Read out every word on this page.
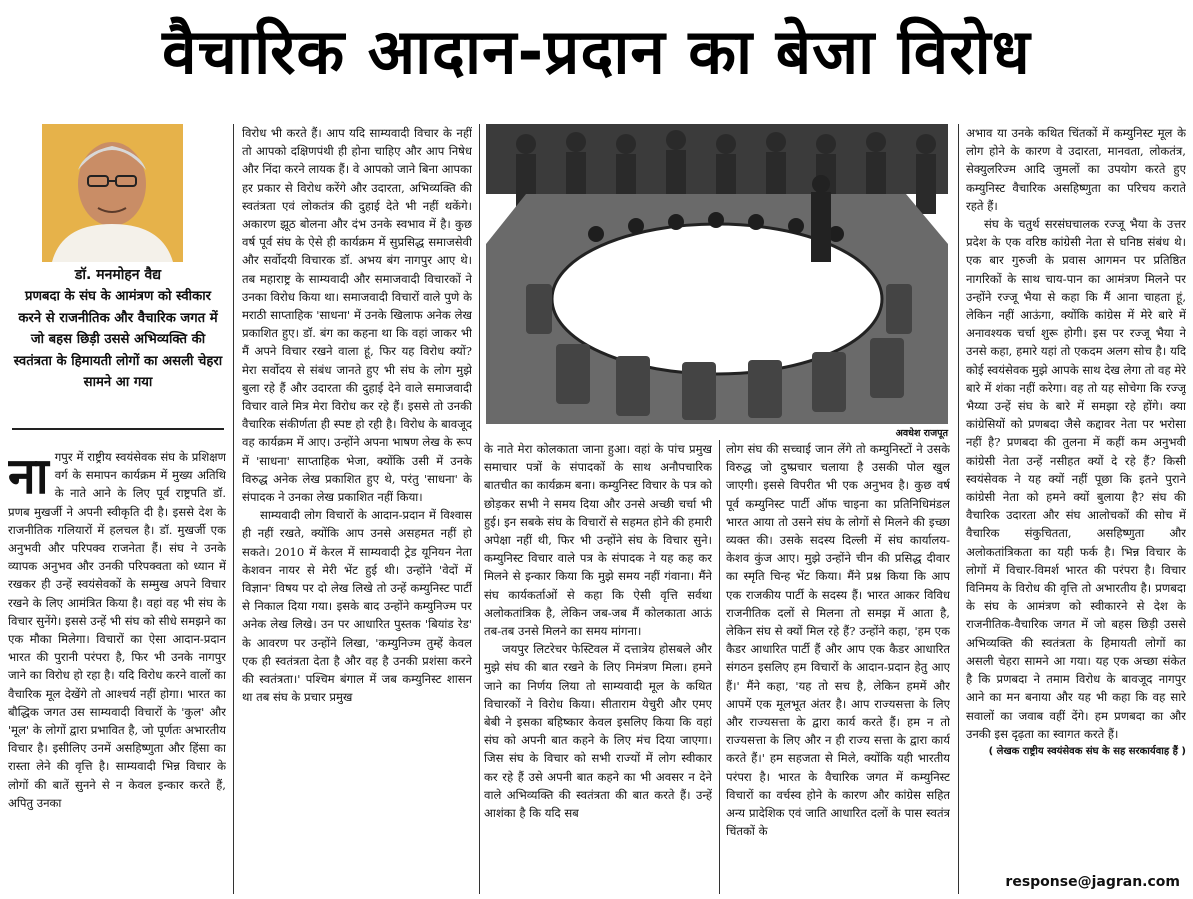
वैचारिक आदान-प्रदान का बेजा विरोध
डॉ. मनमोहन वैद्य
प्रणबदा के संघ के आमंत्रण को स्वीकार करने से राजनीतिक और वैचारिक जगत में जो बहस छिड़ी उससे अभिव्यक्ति की स्वतंत्रता के हिमायती लोगों का असली चेहरा सामने आ गया
ना गपुर में राष्ट्रीय स्वयंसेवक संघ के प्रशिक्षण वर्ग के समापन कार्यक्रम में मुख्य अतिथि के नाते आने के लिए पूर्व राष्ट्रपति डॉ. प्रणब मुखर्जी ने अपनी स्वीकृति दी है। इससे देश के राजनीतिक गलियारों में हलचल है। डॉ. मुखर्जी एक अनुभवी और परिपक्व राजनेता हैं। संघ ने उनके व्यापक अनुभव और उनकी परिपक्वता को ध्यान में रखकर ही उन्हें स्वयंसेवकों के सम्मुख अपने विचार रखने के लिए आमंत्रित किया है। वहां वह भी संघ के विचार सुनेंगे। इससे उन्हें भी संघ को सीधे समझने का एक मौका मिलेगा। विचारों का ऐसा आदान-प्रदान भारत की पुरानी परंपरा है, फिर भी उनके नागपुर जाने का विरोध हो रहा है। यदि विरोध करने वालों का वैचारिक मूल देखेंगे तो आश्चर्य नहीं होगा। भारत का बौद्धिक जगत उस साम्यवादी विचारों के 'कुल' और 'मूल' के लोगों द्वारा प्रभावित है, जो पूर्णतः अभारतीय विचार है। इसीलिए उनमें असहिष्णुता और हिंसा का रास्ता लेने की वृत्ति है। साम्यवादी भिन्न विचार के लोगों की बातें सुनने से न केवल इन्कार करते हैं, अपितु उनका

विरोध भी करते हैं। आप यदि साम्यवादी विचार के नहीं तो आपको दक्षिणपंथी ही होना चाहिए और आप निषेध और निंदा करने लायक हैं। वे आपको जाने बिना आपका हर प्रकार से विरोध करेंगे और उदारता, अभिव्यक्ति की स्वतंत्रता एवं लोकतंत्र की दुहाई देते भी नहीं थकेंगे। अकारण झूठ बोलना और दंभ उनके स्वभाव में है। कुछ वर्ष पूर्व संघ के ऐसे ही कार्यक्रम में सुप्रसिद्ध समाजसेवी और सर्वोदयी विचारक डॉ. अभय बंग नागपुर आए थे। तब महाराष्ट्र के साम्यवादी और समाजवादी विचारकों ने उनका विरोध किया था। समाजवादी विचारों वाले पुणे के मराठी साप्ताहिक 'साधना' में उनके खिलाफ अनेक लेख प्रकाशित हुए। डॉ. बंग का कहना था कि वहां जाकर भी मैं अपने विचार रखने वाला हूं, फिर यह विरोध क्यों? मेरा सर्वोदय से संबंध जानते हुए भी संघ के लोग मुझे बुला रहे हैं और उदारता की दुहाई देने वाले समाजवादी विचार वाले मित्र मेरा विरोध कर रहे हैं। इससे तो उनकी वैचारिक संकीर्णता ही स्पष्ट हो रही है। विरोध के बावजूद वह कार्यक्रम में आए। उन्होंने अपना भाषण लेख के रूप में 'साधना' साप्ताहिक भेजा, क्योंकि उसी में उनके विरुद्ध अनेक लेख प्रकाशित हुए थे, परंतु 'साधना' के संपादक ने उनका लेख प्रकाशित नहीं किया।

साम्यवादी लोग विचारों के आदान-प्रदान में विश्वास ही नहीं रखते, क्योंकि आप उनसे असहमत नहीं हो सकते। 2010 में केरल में साम्यवादी ट्रेड यूनियन नेता केशवन नायर से मेरी भेंट हुई थी। उन्होंने 'वेदों में विज्ञान' विषय पर दो लेख लिखे तो उन्हें कम्युनिस्ट पार्टी से निकाल दिया गया। इसके बाद उन्होंने कम्युनिज्म पर अनेक लेख लिखे। उन पर आधारित पुस्तक 'बियांड रेड' के आवरण पर उन्होंने लिखा, 'कम्युनिज्म तुम्हें केवल एक ही स्वतंत्रता देता है और वह है उनकी प्रशंसा करने की स्वतंत्रता।' पश्चिम बंगाल में जब कम्युनिस्ट शासन था तब संघ के प्रचार प्रमुख

अवधेश राजपूत

के नाते मेरा कोलकाता जाना हुआ। वहां के पांच प्रमुख समाचार पत्रों के संपादकों के साथ अनौपचारिक बातचीत का कार्यक्रम बना। कम्युनिस्ट विचार के पत्र को छोड़कर सभी ने समय दिया और उनसे अच्छी चर्चा भी हुई। इन सबके संघ के विचारों से सहमत होने की हमारी अपेक्षा नहीं थी, फिर भी उन्होंने संघ के विचार सुने। कम्युनिस्ट विचार वाले पत्र के संपादक ने यह कह कर मिलने से इन्कार किया कि मुझे समय नहीं गंवाना। मैंने संघ कार्यकर्ताओं से कहा कि ऐसी वृत्ति सर्वथा अलोकतांत्रिक है, लेकिन जब-जब मैं कोलकाता आऊं तब-तब उनसे मिलने का समय मांगना।

जयपुर लिटरेचर फेस्टिवल में दत्तात्रेय होसबले और मुझे संघ की बात रखने के लिए निमंत्रण मिला। हमने जाने का निर्णय लिया तो साम्यवादी मूल के कथित विचारकों ने विरोध किया। सीताराम येचुरी और एमए बेबी ने इसका बहिष्कार केवल इसलिए किया कि वहां संघ को अपनी बात कहने के लिए मंच दिया जाएगा। जिस संघ के विचार को सभी राज्यों में लोग स्वीकार कर रहे हैं उसे अपनी बात कहने का भी अवसर न देने वाले अभिव्यक्ति की स्वतंत्रता की बात करते हैं। उन्हें आशंका है कि यदि सब

लोग संघ की सच्चाई जान लेंगे तो कम्युनिस्टों ने उसके विरुद्ध जो दुष्प्रचार चलाया है उसकी पोल खुल जाएगी। इससे विपरीत भी एक अनुभव है। कुछ वर्ष पूर्व कम्युनिस्ट पार्टी ऑफ चाइना का प्रतिनिधिमंडल भारत आया तो उसने संघ के लोगों से मिलने की इच्छा व्यक्त की। उसके सदस्य दिल्ली में संघ कार्यालय-केशव कुंज आए। मुझे उन्होंने चीन की प्रसिद्ध दीवार का स्मृति चिन्ह भेंट किया। मैंने प्रश्न किया कि आप एक राजकीय पार्टी के सदस्य हैं। भारत आकर विविध राजनीतिक दलों से मिलना तो समझ में आता है, लेकिन संघ से क्यों मिल रहे हैं? उन्होंने कहा, 'हम एक कैडर आधारित पार्टी हैं और आप एक कैडर आधारित संगठन इसलिए हम विचारों के आदान-प्रदान हेतु आए हैं।' मैंने कहा, 'यह तो सच है, लेकिन हममें और आपमें एक मूलभूत अंतर है। आप राज्यसत्ता के लिए और राज्यसत्ता के द्वारा कार्य करते हैं। हम न तो राज्यसत्ता के लिए और न ही राज्य सत्ता के द्वारा कार्य करते हैं।' हम सहजता से मिले, क्योंकि यही भारतीय परंपरा है। भारत के वैचारिक जगत में कम्युनिस्ट विचारों का वर्चस्व होने के कारण और कांग्रेस सहित अन्य प्रादेशिक एवं जाति आधारित दलों के पास स्वतंत्र चिंतकों के

अभाव या उनके कथित चिंतकों में कम्युनिस्ट मूल के लोग होने के कारण वे उदारता, मानवता, लोकतंत्र, सेक्युलरिज्म आदि जुमलों का उपयोग करते हुए कम्युनिस्ट वैचारिक असहिष्णुता का परिचय कराते रहते हैं।

संघ के चतुर्थ सरसंघचालक रज्जू भैया के उत्तर प्रदेश के एक वरिष्ठ कांग्रेसी नेता से घनिष्ठ संबंध थे। एक बार गुरुजी के प्रवास आगमन पर प्रतिष्ठित नागरिकों के साथ चाय-पान का आमंत्रण मिलने पर उन्होंने रज्जू भैया से कहा कि मैं आना चाहता हूं, लेकिन नहीं आऊंगा, क्योंकि कांग्रेस में मेरे बारे में अनावश्यक चर्चा शुरू होगी। इस पर रज्जू भैया ने उनसे कहा, हमारे यहां तो एकदम अलग सोच है। यदि कोई स्वयंसेवक मुझे आपके साथ देख लेगा तो वह मेरे बारे में शंका नहीं करेगा। वह तो यह सोचेगा कि रज्जू भैय्या उन्हें संघ के बारे में समझा रहे होंगे। क्या कांग्रेसियों को प्रणबदा जैसे कद्दावर नेता पर भरोसा नहीं है? प्रणबदा की तुलना में कहीं कम अनुभवी कांग्रेसी नेता उन्हें नसीहत क्यों दे रहे हैं? किसी स्वयंसेवक ने यह क्यों नहीं पूछा कि इतने पुराने कांग्रेसी नेता को हमने क्यों बुलाया है? संघ की वैचारिक उदारता और संघ आलोचकों की सोच में वैचारिक संकुचितता, असहिष्णुता और अलोकतांत्रिकता का यही फर्क है। भिन्न विचार के लोगों में विचार-विमर्श भारत की परंपरा है। विचार विनिमय के विरोध की वृत्ति तो अभारतीय है। प्रणबदा के संघ के आमंत्रण को स्वीकारने से देश के राजनीतिक-वैचारिक जगत में जो बहस छिड़ी उससे अभिव्यक्ति की स्वतंत्रता के हिमायती लोगों का असली चेहरा सामने आ गया। यह एक अच्छा संकेत है कि प्रणबदा ने तमाम विरोध के बावजूद नागपुर आने का मन बनाया और यह भी कहा कि वह सारे सवालों का जवाब वहीं देंगे। हम प्रणबदा का और उनकी इस दृढ़ता का स्वागत करते हैं।

( लेखक राष्ट्रीय स्वयंसेवक संघ के सह सरकार्यवाह हैं )
response@jagran.com
